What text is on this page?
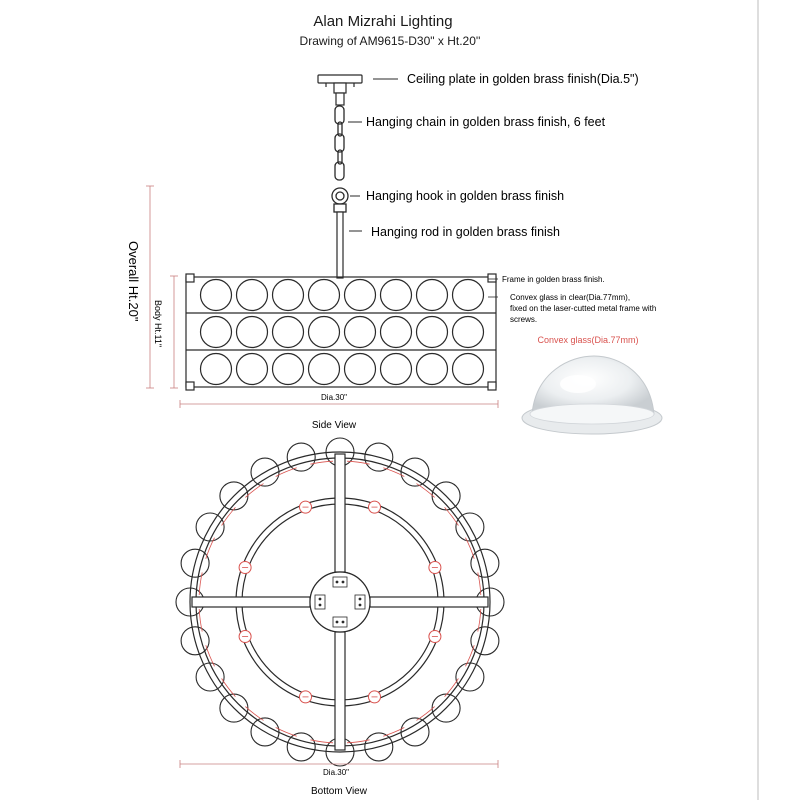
Alan Mizrahi Lighting
Drawing of AM9615-D30" x Ht.20''
Ceiling plate in golden brass finish(Dia.5")
Hanging chain in golden brass finish, 6 feet
Hanging hook in golden brass finish
Hanging rod in golden brass finish
Overall Ht.20"
Body Ht.11"
Frame in golden brass finish.
Convex glass in clear(Dia.77mm),
fixed on the laser-cutted metal frame with
screws.
Dia.30"
Side View
Convex glass(Dia.77mm)
Dia.30"
Bottom View
